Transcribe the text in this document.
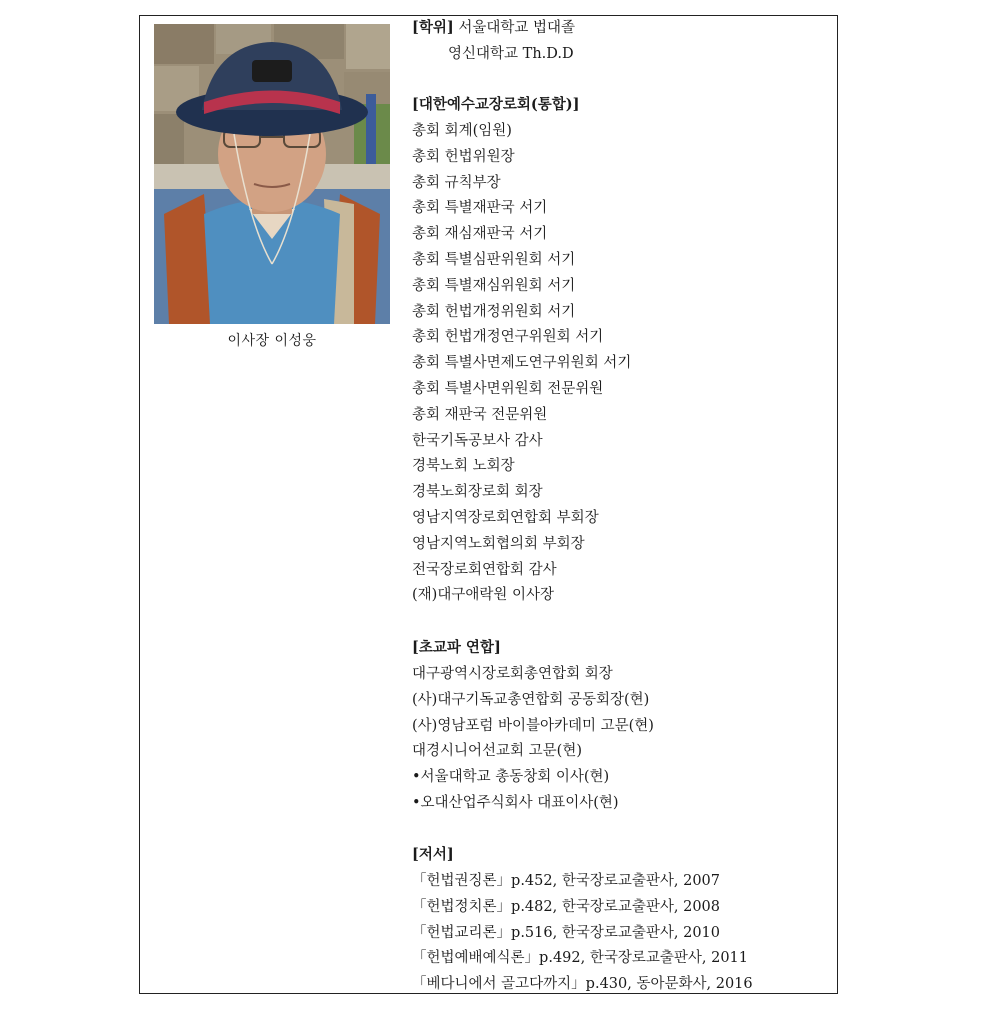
이사장 이성웅
[학위] 서울대학교 법대졸
영신대학교 Th.D.D
[대한예수교장로회(통합)]
총회 회계(임원)
총회 헌법위원장
총회 규칙부장
총회 특별재판국 서기
총회 재심재판국 서기
총회 특별심판위원회 서기
총회 특별재심위원회 서기
총회 헌법개정위원회 서기
총회 헌법개정연구위원회 서기
총회 특별사면제도연구위원회 서기
총회 특별사면위원회 전문위원
총회 재판국 전문위원
한국기독공보사 감사
경북노회 노회장
경북노회장로회 회장
영남지역장로회연합회 부회장
영남지역노회협의회 부회장
전국장로회연합회 감사
(재)대구애락원 이사장
[초교파 연합]
대구광역시장로회총연합회 회장
(사)대구기독교총연합회 공동회장(현)
(사)영남포럼 바이블아카데미 고문(현)
대경시니어선교회 고문(현)
•서울대학교 총동창회 이사(현)
•오대산업주식회사 대표이사(현)
[저서]
「헌법권징론」p.452, 한국장로교출판사, 2007
「헌법정치론」p.482, 한국장로교출판사, 2008
「헌법교리론」p.516, 한국장로교출판사, 2010
「헌법예배예식론」p.492, 한국장로교출판사, 2011
「베다니에서 골고다까지」p.430, 동아문화사, 2016
